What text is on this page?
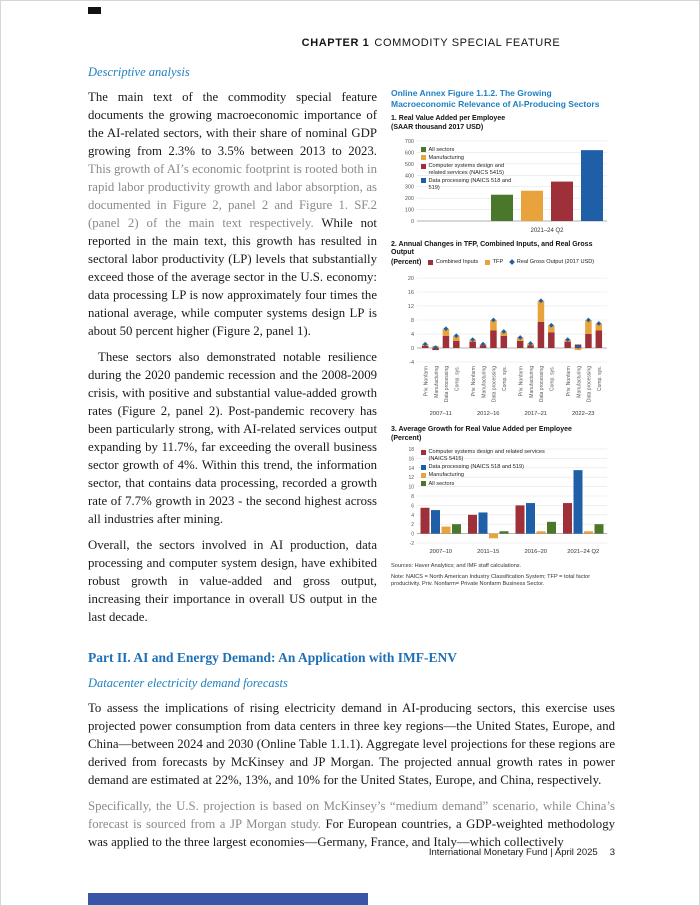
CHAPTER 1 COMMODITY SPECIAL FEATURE
Descriptive analysis
Online Annex Figure 1.1.2. The Growing Macroeconomic Relevance of AI-Producing Sectors
1. Real Value Added per Employee
(SAAR thousand 2017 USD)
All sectors
Manufacturing
Computer systems design and related services (NAICS 5415)
Data processing (NAICS 518 and 519)
0
100
200
300
400
500
600
700
2021–24 Q2
2. Annual Changes in TFP, Combined Inputs, and Real Gross Output
(Percent)	Combined Inputs	TFP Real Gross Output (2017 USD)
-4
0
4
8
12
16
20
Priv. Nonfarm Manufacturing Data processing Comp. sys.
2007–11
Priv. Nonfarm Manufacturing Data processing Comp. sys.
2012–16
Priv. Nonfarm Manufacturing Data processing Comp. sys.
2017–21
Priv. Nonfarm Manufacturing Data processing Comp. sys.
2022–23
3. Average Growth for Real Value Added per Employee
(Percent)
Computer systems design and related services (NAICS 5415)
Data processing (NAICS 518 and 519)
Manufacturing
All sectors
-2
0
2
4
6
8
10
12
14
16
18
2007–10	2011–15	2016–20	2021–24 Q2
Sources: Haver Analytics; and IMF staff calculations.
Note: NAICS = North American Industry Classification System; TFP = total factor productivity. Priv. Nonfarm= Private Nonfarm Business Sector.

The main text of the commodity special feature documents the growing macroeconomic importance of the AI-related sectors, with their share of nominal GDP growing from 2.3% to 3.5% between 2013 to 2023. This growth of AI’s economic footprint is rooted both in rapid labor productivity growth and labor absorption, as documented in Figure 2, panel 2 and Figure 1. SF.2 (panel 2) of the main text respectively. While not reported in the main text, this growth has resulted in sectoral labor productivity (LP) levels that substantially exceed those of the average sector in the U.S. economy: data processing LP is now approximately four times the national average, while computer systems design LP is about 50 percent higher (Figure 2, panel 1).

These sectors also demonstrated notable resilience during the 2020 pandemic recession and the 2008-2009 crisis, with positive and substantial value-added growth rates (Figure 2, panel 2). Post-pandemic recovery has been particularly strong, with AI-related services output expanding by 11.7%, far exceeding the overall business sector growth of 4%. Within this trend, the information sector, that contains data processing, recorded a growth rate of 7.7% growth in 2023 - the second highest across all industries after mining.

Overall, the sectors involved in AI production, data processing and computer system design, have exhibited robust growth in value-added and gross output, increasing their importance in overall US output in the last decade.

Part II. AI and Energy Demand: An Application with IMF-ENV
Datacenter electricity demand forecasts

To assess the implications of rising electricity demand in AI-producing sectors, this exercise uses projected power consumption from data centers in three key regions—the United States, Europe, and China—between 2024 and 2030 (Online Table 1.1.1). Aggregate level projections for these regions are derived from forecasts by McKinsey and JP Morgan. The projected annual growth rates in power demand are estimated at 22%, 13%, and 10% for the United States, Europe, and China, respectively.

Specifically, the U.S. projection is based on McKinsey’s “medium demand” scenario, while China’s forecast is sourced from a JP Morgan study. For European countries, a GDP-weighted methodology was applied to the three largest economies—Germany, France, and Italy—which collectively

International Monetary Fund | April 2025 3
